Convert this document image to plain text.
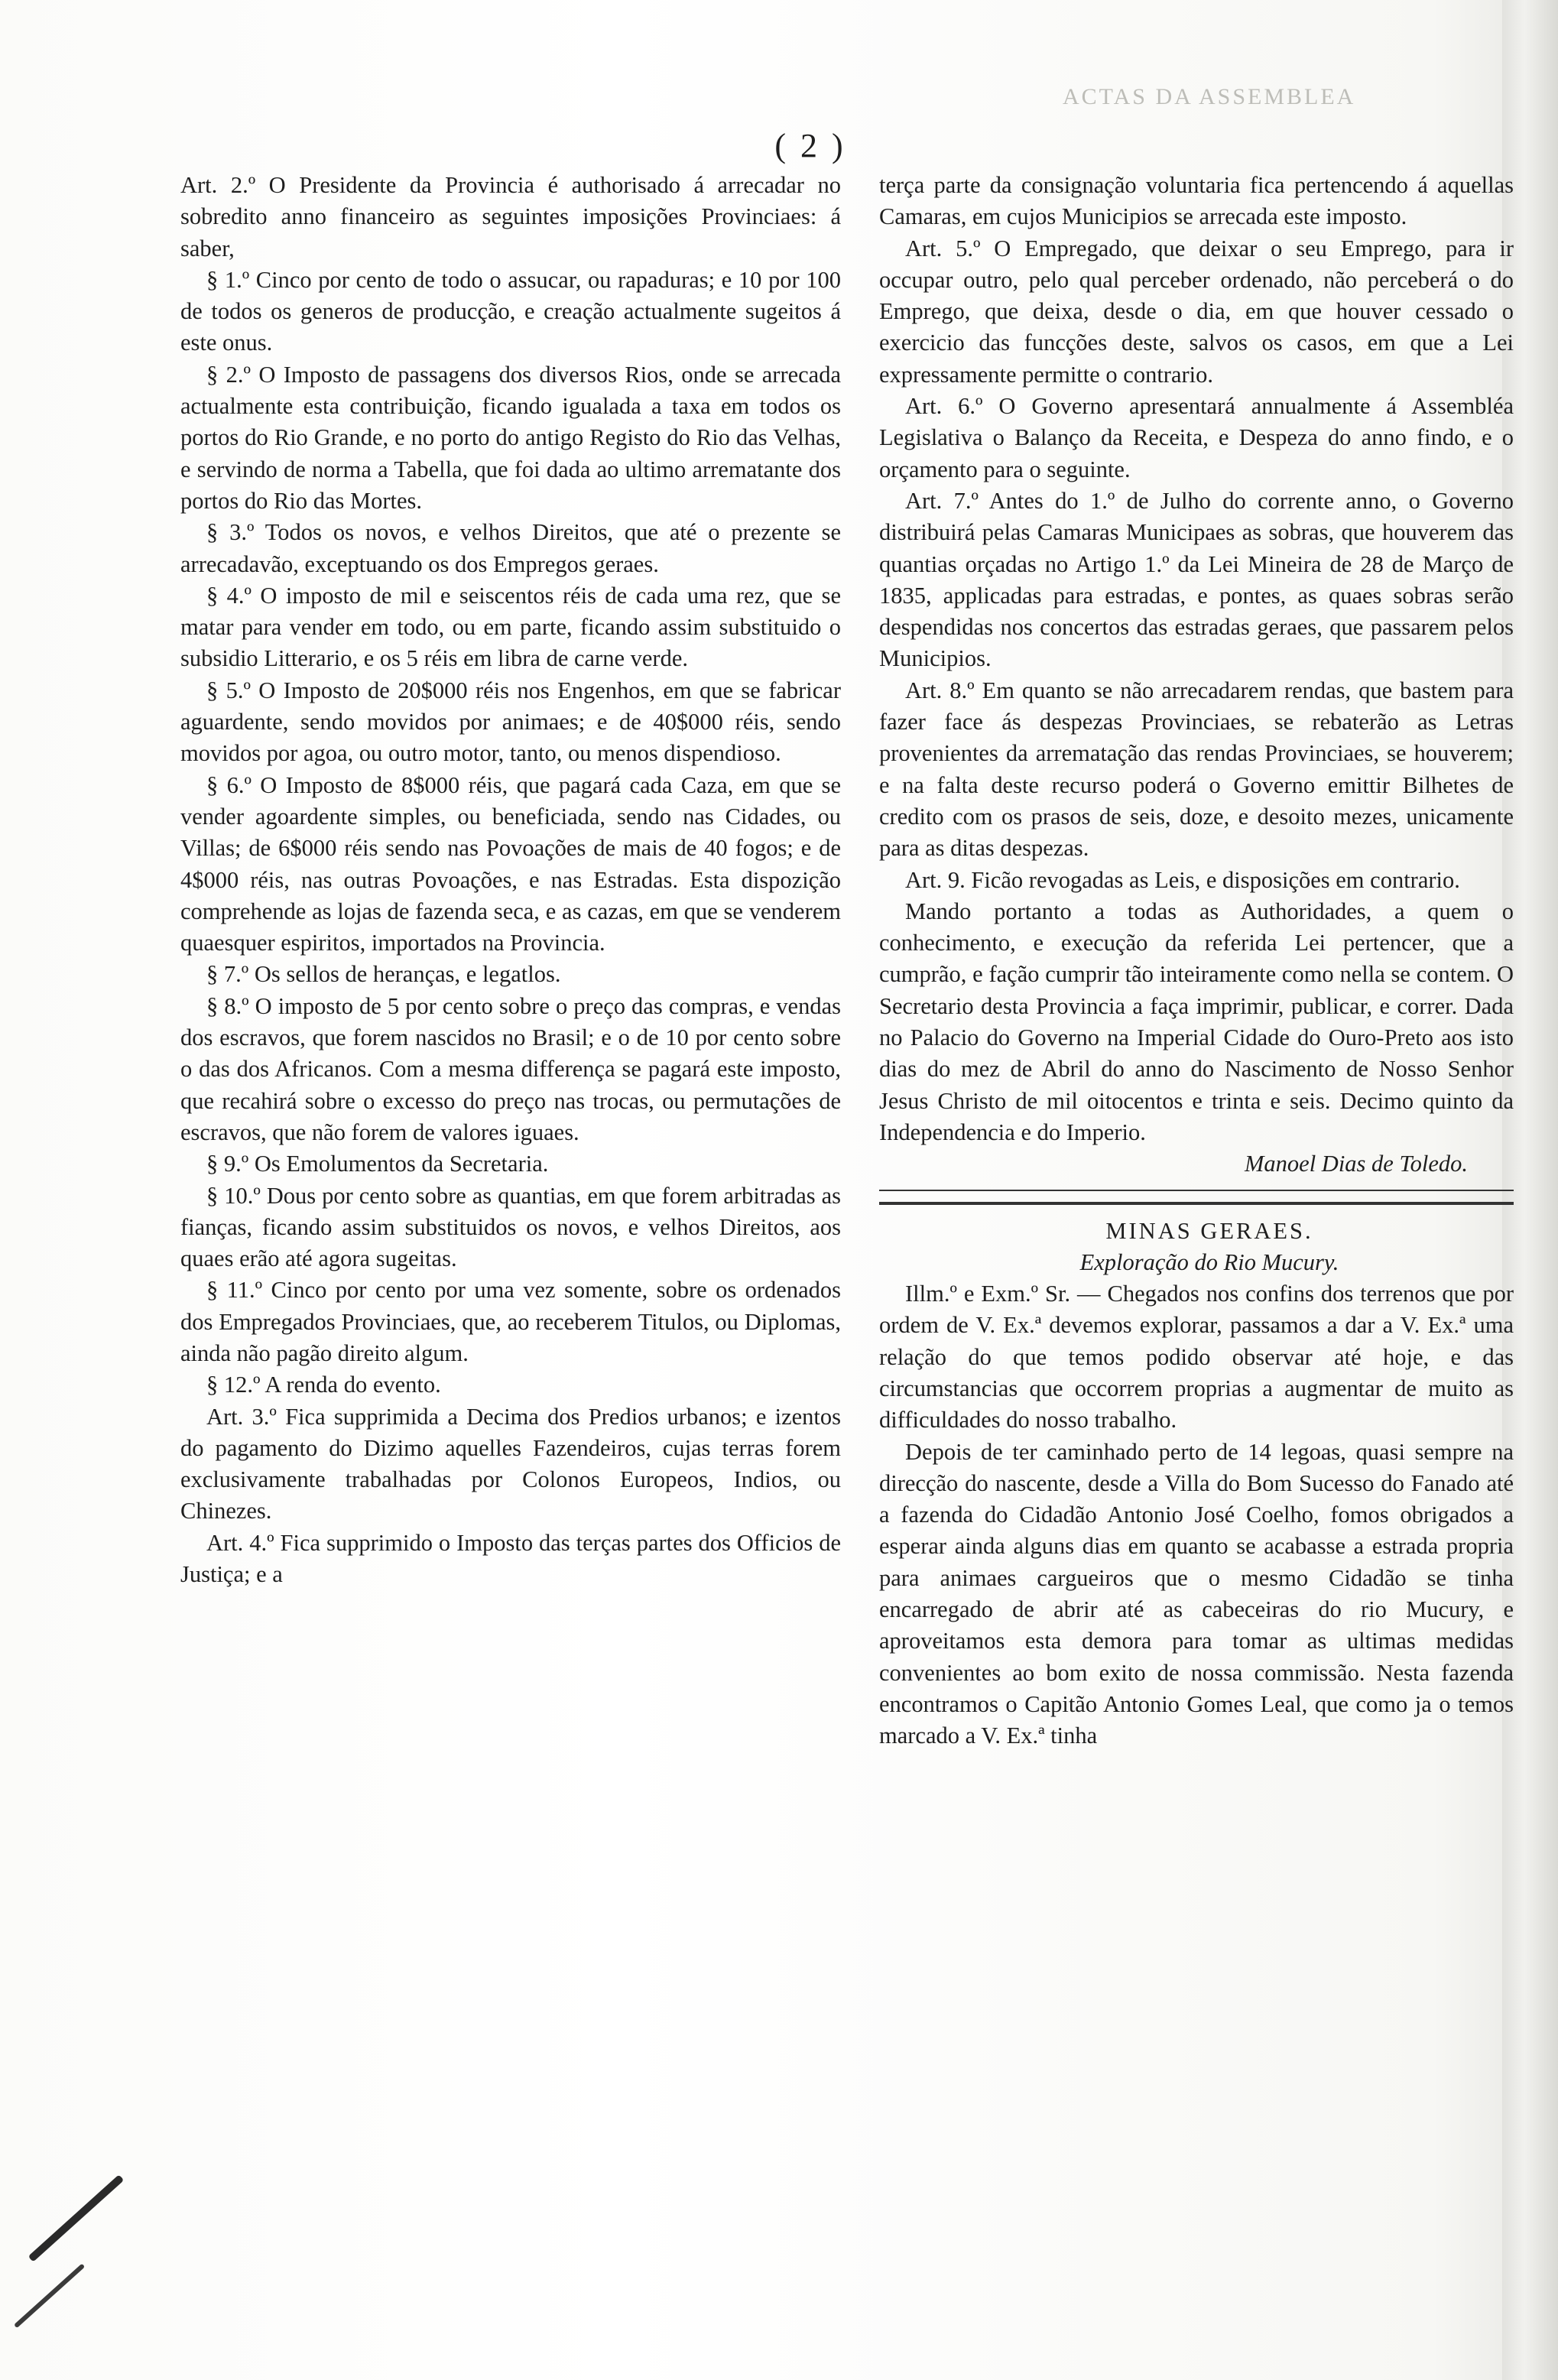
ACTAS DA ASSEMBLEA
( 2 )

Art. 2.º O Presidente da Provincia é authorisado á arrecadar no sobredito anno financeiro as seguintes imposições Provinciaes: á saber,

§ 1.º Cinco por cento de todo o assucar, ou rapaduras; e 10 por 100 de todos os generos de producção, e creação actualmente sugeitos á este onus.

§ 2.º O Imposto de passagens dos diversos Rios, onde se arrecada actualmente esta contribuição, ficando igualada a taxa em todos os portos do Rio Grande, e no porto do antigo Registo do Rio das Velhas, e servindo de norma a Tabella, que foi dada ao ultimo arrematante dos portos do Rio das Mortes.

§ 3.º Todos os novos, e velhos Direitos, que até o prezente se arrecadavão, exceptuando os dos Empregos geraes.

§ 4.º O imposto de mil e seiscentos réis de cada uma rez, que se matar para vender em todo, ou em parte, ficando assim substituido o subsidio Litterario, e os 5 réis em libra de carne verde.

§ 5.º O Imposto de 20$000 réis nos Engenhos, em que se fabricar aguardente, sendo movidos por animaes; e de 40$000 réis, sendo movidos por agoa, ou outro motor, tanto, ou menos dispendioso.

§ 6.º O Imposto de 8$000 réis, que pagará cada Caza, em que se vender agoardente simples, ou beneficiada, sendo nas Cidades, ou Villas; de 6$000 réis sendo nas Povoações de mais de 40 fogos; e de 4$000 réis, nas outras Povoações, e nas Estradas. Esta dispozição comprehende as lojas de fazenda seca, e as cazas, em que se venderem quaesquer espiritos, importados na Provincia.

§ 7.º Os sellos de heranças, e legatlos.

§ 8.º O imposto de 5 por cento sobre o preço das compras, e vendas dos escravos, que forem nascidos no Brasil; e o de 10 por cento sobre o das dos Africanos. Com a mesma differença se pagará este imposto, que recahirá sobre o excesso do preço nas trocas, ou permutações de escravos, que não forem de valores iguaes.

§ 9.º Os Emolumentos da Secretaria.

§ 10.º Dous por cento sobre as quantias, em que forem arbitradas as fianças, ficando assim substituidos os novos, e velhos Direitos, aos quaes erão até agora sugeitas.

§ 11.º Cinco por cento por uma vez somente, sobre os ordenados dos Empregados Provinciaes, que, ao receberem Titulos, ou Diplomas, ainda não pagão direito algum.

§ 12.º A renda do evento.

Art. 3.º Fica supprimida a Decima dos Predios urbanos; e izentos do pagamento do Dizimo aquelles Fazendeiros, cujas terras forem exclusivamente trabalhadas por Colonos Europeos, Indios, ou Chinezes.

Art. 4.º Fica supprimido o Imposto das terças partes dos Officios de Justiça; e a

terça parte da consignação voluntaria fica pertencendo á aquellas Camaras, em cujos Municipios se arrecada este imposto.

Art. 5.º O Empregado, que deixar o seu Emprego, para ir occupar outro, pelo qual perceber ordenado, não perceberá o do Emprego, que deixa, desde o dia, em que houver cessado o exercicio das funcções deste, salvos os casos, em que a Lei expressamente permitte o contrario.

Art. 6.º O Governo apresentará annualmente á Assembléa Legislativa o Balanço da Receita, e Despeza do anno findo, e o orçamento para o seguinte.

Art. 7.º Antes do 1.º de Julho do corrente anno, o Governo distribuirá pelas Camaras Municipaes as sobras, que houverem das quantias orçadas no Artigo 1.º da Lei Mineira de 28 de Março de 1835, applicadas para estradas, e pontes, as quaes sobras serão despendidas nos concertos das estradas geraes, que passarem pelos Municipios.

Art. 8.º Em quanto se não arrecadarem rendas, que bastem para fazer face ás despezas Provinciaes, se rebaterão as Letras provenientes da arrematação das rendas Provinciaes, se houverem; e na falta deste recurso poderá o Governo emittir Bilhetes de credito com os prasos de seis, doze, e desoito mezes, unicamente para as ditas despezas.

Art. 9. Ficão revogadas as Leis, e disposições em contrario.

Mando portanto a todas as Authoridades, a quem o conhecimento, e execução da referida Lei pertencer, que a cumprão, e fação cumprir tão inteiramente como nella se contem. O Secretario desta Provincia a faça imprimir, publicar, e correr. Dada no Palacio do Governo na Imperial Cidade do Ouro-Preto aos isto dias do mez de Abril do anno do Nascimento de Nosso Senhor Jesus Christo de mil oitocentos e trinta e seis. Decimo quinto da Independencia e do Imperio.

Manoel Dias de Toledo.

MINAS GERAES.

Exploração do Rio Mucury.

Illm.º e Exm.º Sr. — Chegados nos confins dos terrenos que por ordem de V. Ex.ª devemos explorar, passamos a dar a V. Ex.ª uma relação do que temos podido observar até hoje, e das circumstancias que occorrem proprias a augmentar de muito as difficuldades do nosso trabalho.

Depois de ter caminhado perto de 14 legoas, quasi sempre na direcção do nascente, desde a Villa do Bom Sucesso do Fanado até a fazenda do Cidadão Antonio José Coelho, fomos obrigados a esperar ainda alguns dias em quanto se acabasse a estrada propria para animaes cargueiros que o mesmo Cidadão se tinha encarregado de abrir até as cabeceiras do rio Mucury, e aproveitamos esta demora para tomar as ultimas medidas convenientes ao bom exito de nossa commissão. Nesta fazenda encontramos o Capitão Antonio Gomes Leal, que como ja o temos marcado a V. Ex.ª tinha
